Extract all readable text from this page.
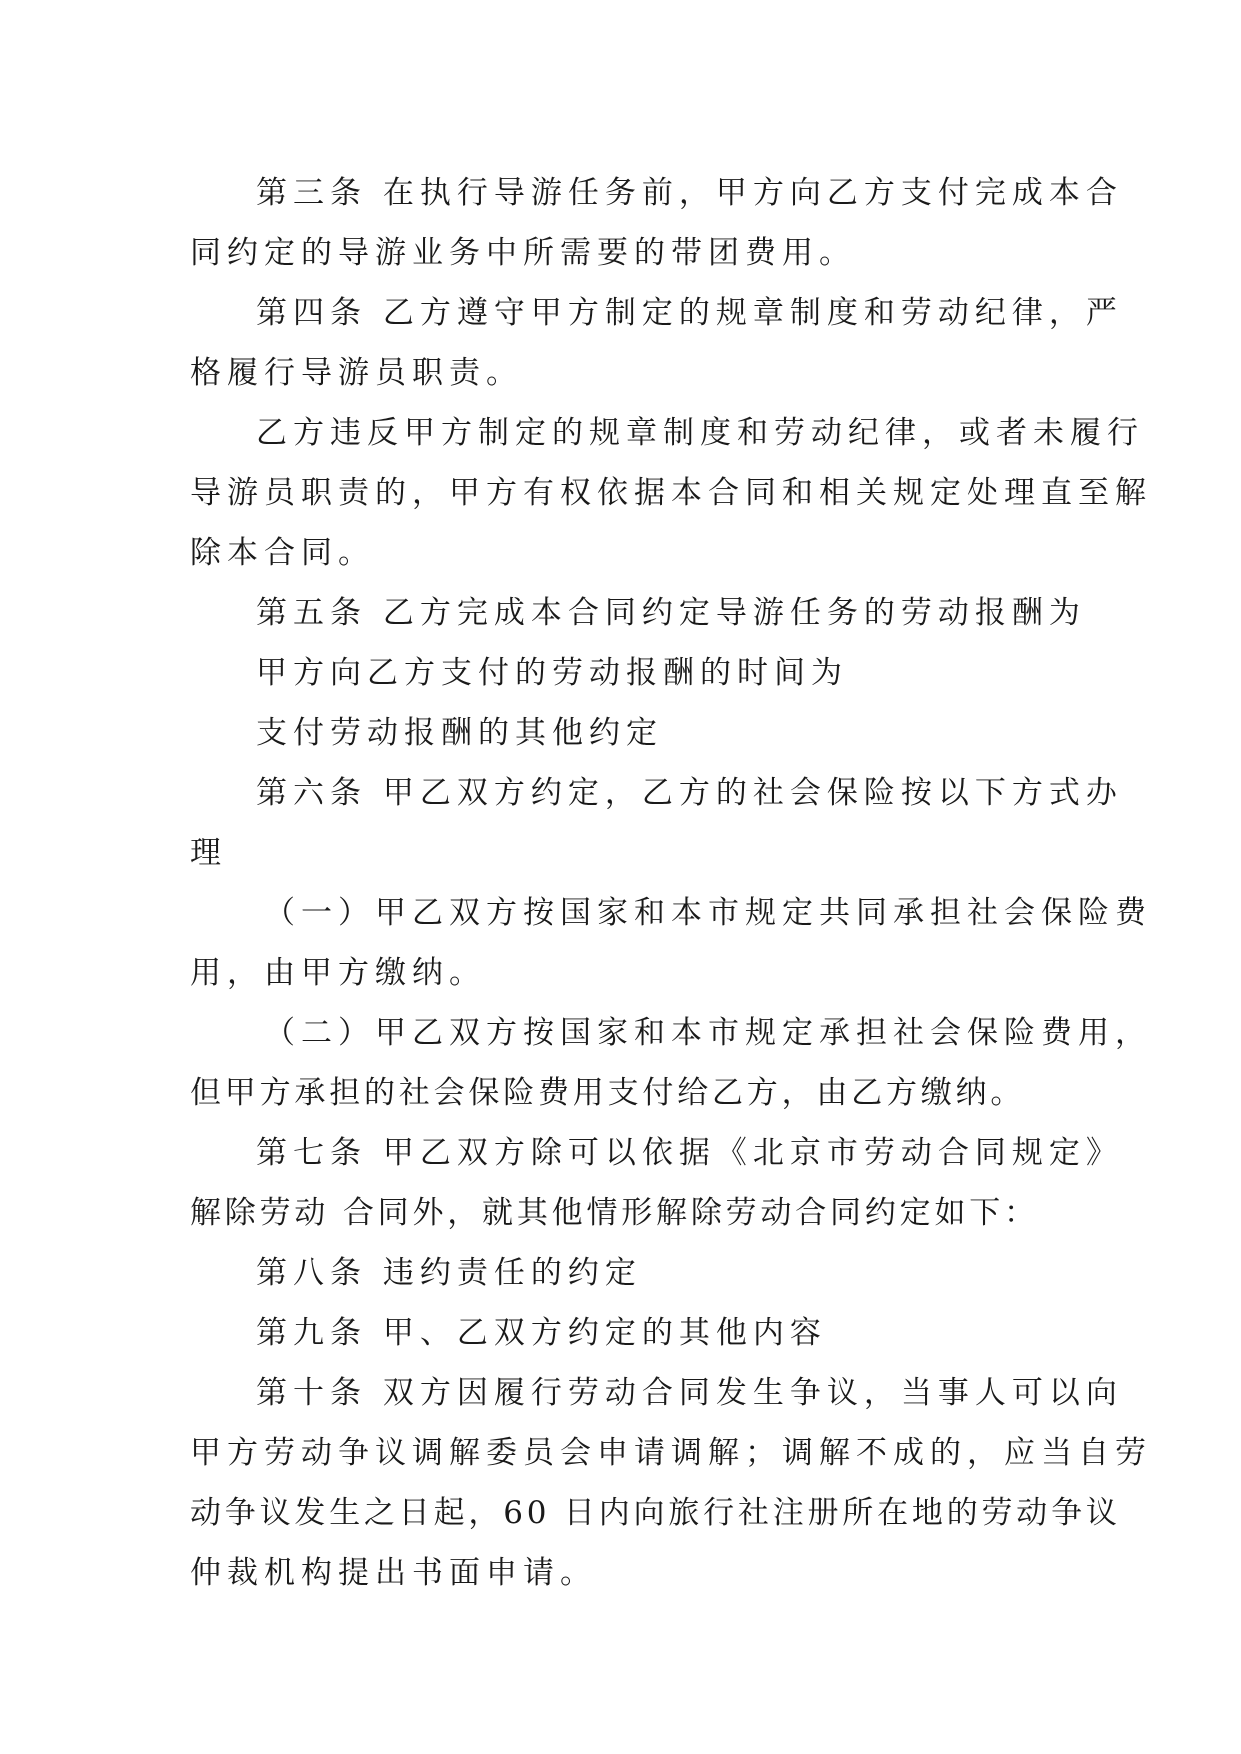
第三条 在执行导游任务前，甲方向乙方支付完成本合
同约定的导游业务中所需要的带团费用。
第四条 乙方遵守甲方制定的规章制度和劳动纪律，严
格履行导游员职责。
乙方违反甲方制定的规章制度和劳动纪律，或者未履行
导游员职责的，甲方有权依据本合同和相关规定处理直至解
除本合同。
第五条 乙方完成本合同约定导游任务的劳动报酬为
甲方向乙方支付的劳动报酬的时间为
支付劳动报酬的其他约定
第六条 甲乙双方约定，乙方的社会保险按以下方式办
理
（一）甲乙双方按国家和本市规定共同承担社会保险费
用，由甲方缴纳。
（二）甲乙双方按国家和本市规定承担社会保险费用，
但甲方承担的社会保险费用支付给乙方，由乙方缴纳。
第七条 甲乙双方除可以依据《北京市劳动合同规定》
解除劳动 合同外，就其他情形解除劳动合同约定如下：
第八条 违约责任的约定
第九条 甲、乙双方约定的其他内容
第十条 双方因履行劳动合同发生争议，当事人可以向
甲方劳动争议调解委员会申请调解；调解不成的，应当自劳
动争议发生之日起，60 日内向旅行社注册所在地的劳动争议
仲裁机构提出书面申请。
